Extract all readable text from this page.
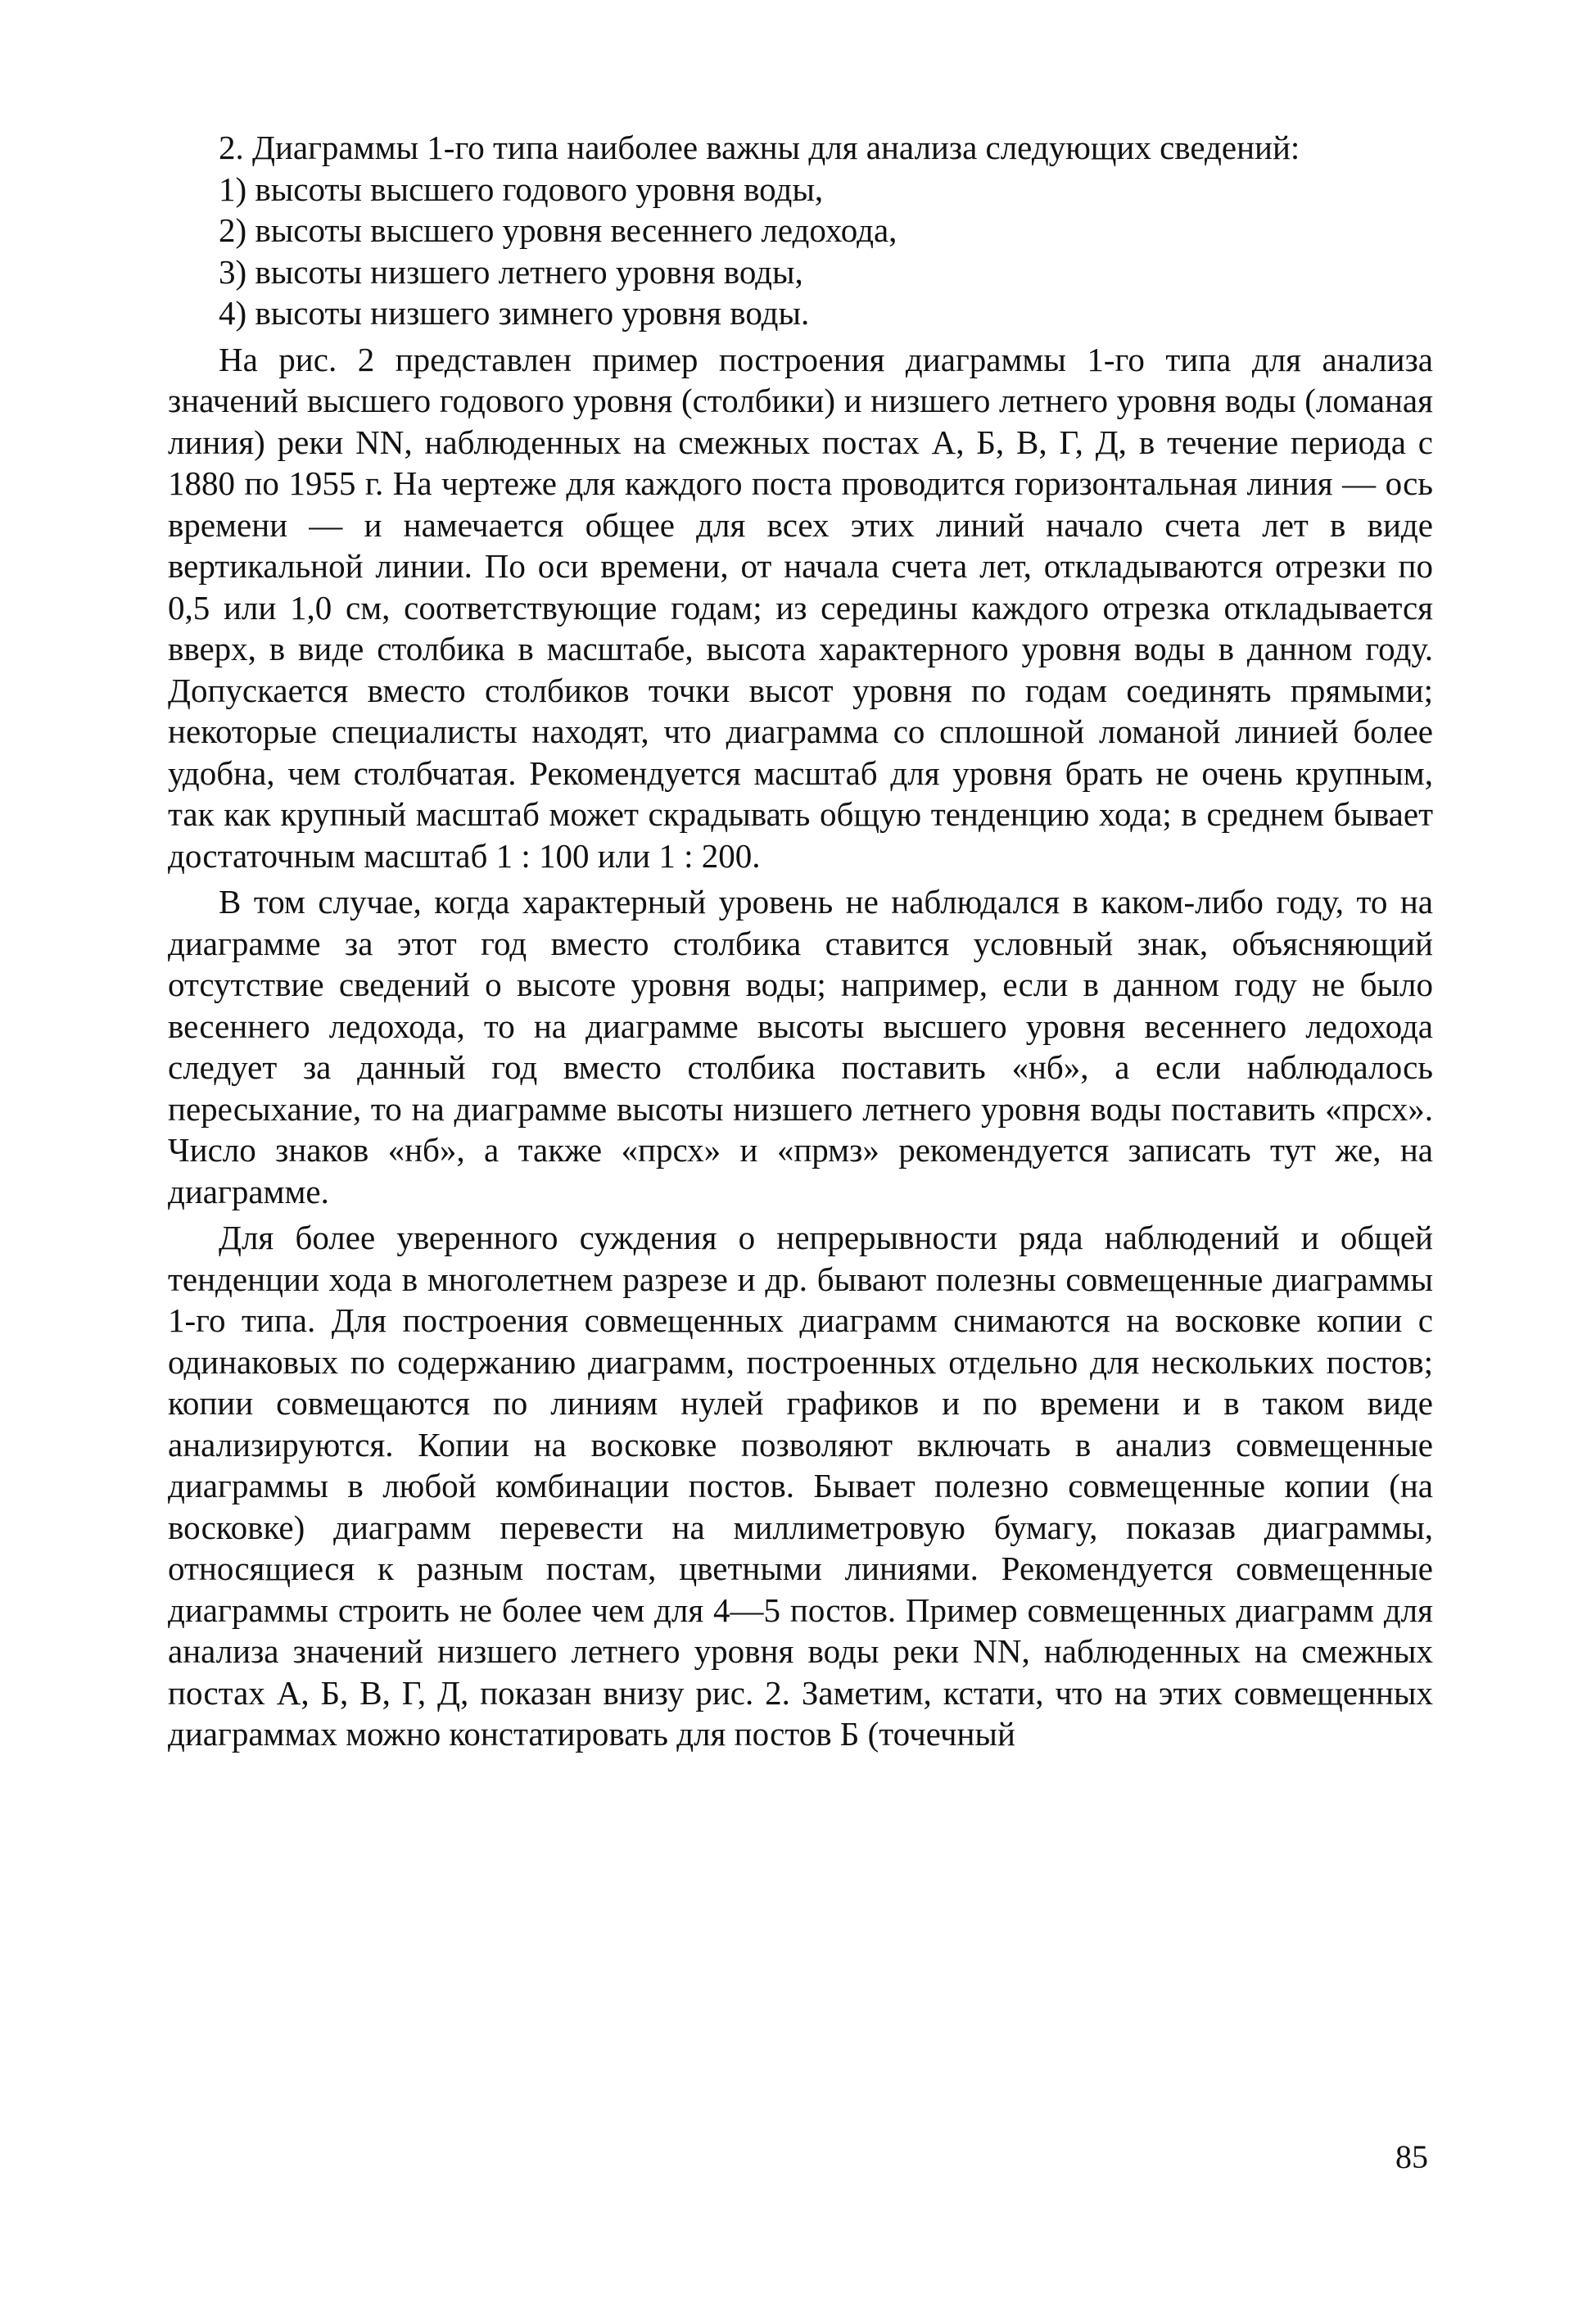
2. Диаграммы 1-го типа наиболее важны для анализа следующих сведений:

1) высоты высшего годового уровня воды,
2) высоты высшего уровня весеннего ледохода,
3) высоты низшего летнего уровня воды,
4) высоты низшего зимнего уровня воды.

На рис. 2 представлен пример построения диаграммы 1-го типа для анализа значений высшего годового уровня (столбики) и низшего летнего уровня воды (ломаная линия) реки NN, наблюденных на смежных постах А, Б, В, Г, Д, в течение периода с 1880 по 1955 г. На чертеже для каждого поста проводится горизонтальная линия — ось времени — и намечается общее для всех этих линий начало счета лет в виде вертикальной линии. По оси времени, от начала счета лет, откладываются отрезки по 0,5 или 1,0 см, соответствующие годам; из середины каждого отрезка откладывается вверх, в виде столбика в масштабе, высота характерного уровня воды в данном году. Допускается вместо столбиков точки высот уровня по годам соединять прямыми; некоторые специалисты находят, что диаграмма со сплошной ломаной линией более удобна, чем столбчатая. Рекомендуется масштаб для уровня брать не очень крупным, так как крупный масштаб может скрадывать общую тенденцию хода; в среднем бывает достаточным масштаб 1 : 100 или 1 : 200.

В том случае, когда характерный уровень не наблюдался в каком-либо году, то на диаграмме за этот год вместо столбика ставится условный знак, объясняющий отсутствие сведений о высоте уровня воды; например, если в данном году не было весеннего ледохода, то на диаграмме высоты высшего уровня весеннего ледохода следует за данный год вместо столбика поставить «нб», а если наблюдалось пересыхание, то на диаграмме высоты низшего летнего уровня воды поставить «прсх». Число знаков «нб», а также «прсх» и «прмз» рекомендуется записать тут же, на диаграмме.

Для более уверенного суждения о непрерывности ряда наблюдений и общей тенденции хода в многолетнем разрезе и др. бывают полезны совмещенные диаграммы 1-го типа. Для построения совмещенных диаграмм снимаются на восковке копии с одинаковых по содержанию диаграмм, построенных отдельно для нескольких постов; копии совмещаются по линиям нулей графиков и по времени и в таком виде анализируются. Копии на восковке позволяют включать в анализ совмещенные диаграммы в любой комбинации постов. Бывает полезно совмещенные копии (на восковке) диаграмм перевести на миллиметровую бумагу, показав диаграммы, относящиеся к разным постам, цветными линиями. Рекомендуется совмещенные диаграммы строить не более чем для 4—5 постов. Пример совмещенных диаграмм для анализа значений низшего летнего уровня воды реки NN, наблюденных на смежных постах А, Б, В, Г, Д, показан внизу рис. 2. Заметим, кстати, что на этих совмещенных диаграммах можно констатировать для постов Б (точечный

85
